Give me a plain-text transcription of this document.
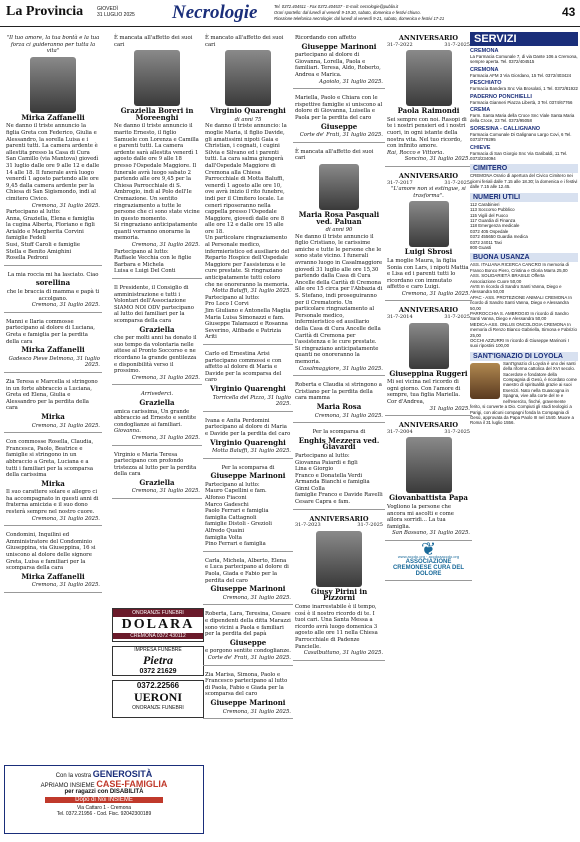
La Provincia	GIOVEDÌ
31 LUGLIO 2025 Necrologie	Tel. 0372.404511 - Fax 0372.404537 - E-mail: necrologie@publia.it
Orari sportello: dal lunedì al venerdì 9-19.30, sabato, domenica e festivi chiuso.
Ricezione telefonica necrologie: dal lunedì al venerdì 9-21, sabato, domenica e festivi 17-21	43
"Il tuo amore, la tua bontà e la tua forza ci guideranno per tutta la vita"
Mirka Zaffanelli
Ne danno il triste annuncio la figlia Greta con Federico, Giulia e Alessandro, la sorella Luisa e i parenti tutti. La camera ardente è allestita presso la Casa di Cura San Camillo (via Mantova) giovedì 31 luglio dalle ore 9 alle 12 e dalle 14 alle 18. Il funerale avrà luogo venerdì 1 agosto partendo alle ore 9,45 dalla camera ardente per la Chiesa di San Sigismondo, indi al cimitero Civico.
Cremona, 31 luglio 2025.
Partecipano al lutto:
Anna, Graziella, Elena e famiglia
la cugina Alberta, Floriano e figli
Arialdo e Margherita Corvini
famiglie Fedeli
Susi, Stuff Caroli e famiglie
Stella e Benito Amighini
Rosella Pedroni
La mia roccia mi ha lasciato. Ciao
sorellina
che le braccia di mamma e papà ti accolgano.
Cremona, 31 luglio 2025.
Manni e Ilaria commosse partecipano al dolore di Luciana, Greta e famiglia per la perdita della cara
Mirka Zaffanelli
Gadesco Pieve Delmona, 31 luglio 2025.
Zia Teresa e Marcella si stringono in un forte abbraccio a Luciana, Greta ed Elena, Giulia e Alessandro per la perdita della cara
Mirka
Cremona, 31 luglio 2025.
Con commosse Rosella, Claudia, Francesca, Paolo, Beatrice e famiglie si stringono in un abbraccio a Greta, Luciana e a tutti i familiari per la scomparsa della carissima
Mirka
Il suo carattere solare e allegro ci ha accompagnato in questi anni di fraterna amicizia e il suo dono resterà sempre nel nostro cuore.
Cremona, 31 luglio 2025.
Condomini, Inquilini ed Amministratore del Condominio Giuseppina, via Giuseppina, 16 si uniscono al dolore delle signore Greta, Luisa e familiari per la scomparsa della cara
Mirka Zaffanelli
Cremona, 31 luglio 2025.
È mancata all'affetto dei suoi cari
Graziella Boreri in Moreenghi
Ne danno il triste annuncio il marito Ernesto, il figlio Samuele con Lorenza e Camilla e parenti tutti. La camera ardente sarà allestita venerdì 1 agosto dalle ore 9 alle 18 presso l'Ospedale Maggiore. Il funerale avrà luogo sabato 2 partendo alle ore 9,45 per la Chiesa Parrocchiale di S. Ambrogio, indi al Polo dell'Ie Cremazione. Un sentito ringraziamento a tutte le persone che ci sono state vicine in questo momento.
Si ringraziano anticipatamente quanti vorranno onorarne la memoria.
Cremona, 31 luglio 2025.
Partecipano al lutto:
Raffaele Vecchia con le figlie Barbara e Michela
Luisa e Luigi Del Conti
Il Presidente, il Consiglio di amministrazione e tutti i Volontari dell'Associazione SIAMO NOI ODV partecipano al lutto dei familiari per la scomparsa della cara
Graziella
che per molti anni ha donato il suo tempo da volontaria nelle attese al Pronto Soccorso e ne ricordano la grande gentilezza e disponibilità verso il prossimo.
Cremona, 31 luglio 2025.
Arrivederci.
Graziella
amica carissima, Un grande abbraccio ad Ernesto e sentite condoglianze ai familiari.
Giovanna.
Cremona, 31 luglio 2025.
Virginio e Maria Teresa partecipano con profondo tristezza al lutto per la perdita della cara
Graziella
Cremona, 31 luglio 2025.
ONORANZE FUNEBRI
DOLARA
CREMONA 0372 430112
IMPRESA FUNEBRE
Pietra
0372 21629
0372.22566
UERONI
ONORANZE FUNEBRI
Con la vostra GENEROSITÀ
APRIAMO INSIEME CASE-FAMIGLIA
per ragazzi con DISABILITÀ
Dopo di Noi INSIEME
Via Cattaro 1 - Cremona
Tel. 0372.21956 - Cod. Fisc. 92042300189
È mancato all'affetto dei suoi cari
Virginio Quarenghi
di anni 75
Ne danno il triste annuncio: la moglie Maria, il figlio Davide, gli amatissimi nipoti Gaia e Christian, i cognati, i cugini Silvia e Silvano ed i parenti tutti. La cara salma giungerà dall'Ospedale Maggiore di Cremona alla Chiesa Parrocchiale di Motta Baluffi, venerdì 1 agosto alle ore 10, ove avrà inizio il rito funebre, indi per il Cimitero locale. Le ceneri riposeranno nella cappella presso l'Ospedale Maggiore, giovedì dalle ore 8 alle ore 12 e dalle ore 15 alle ore 18.
Un particolare ringraziamento al Personale medico, infermieristico ed ausiliario del Reparto Hospice dell'Ospedale Maggiore per l'assistenza e le cure prestate. Si ringraziano anticipatamente tutti coloro che ne onoreranno la memoria.
Motta Baluffi, 31 luglio 2025.
Partecipano al lutto:
Pro Loco I Corvi
Jim Giuliano e Antonella Maglia
Maria Luisa Simonazzi e fam.
Giuseppe Talamazzi e Rosanna
Severino, Alfibade e Patrizia Ariti
Carlo ed Ernestina Arisi partecipano commossi e con affetto al dolore di Maria e Davide per la scomparsa del caro
Virginio Quarenghi
Torricella del Pizzo, 31 luglio 2025.
Ivana e Anita Perdomini partecipano al dolore di Maria e Davide per la perdita del caro
Virginio Quarenghi
Motta Baluffi, 31 luglio 2025.
Per la scomparsa di
Giuseppe Marinoni
Partecipano al lutto:
Mauro Capellini e fam.
Alfonso Fiaconi
Marco Gadeschi
Paolo Ferrari e famiglia
famiglia Cattagnoli
famiglie Distoli - Grezioli
Alfredo Quaini
famiglia Volta
Pino Ferrari e famiglia
Carla, Michela, Alberto, Elena e Luca partecipano al dolore di Paola, Giada e Fabio per la perdita del caro
Giuseppe Marinoni
Cremona, 31 luglio 2025.
Roberta, Lara, Teresina, Cesare e dipendenti della ditta Marazzi sono vicini a Paola e familiari per la perdita del papà
Giuseppe
e porgono sentite condoglianze.
Corte de' Frati, 31 luglio 2025.
Zia Marisa, Simona, Paolo e Francesco partecipano al lutto di Paola, Fabio e Giada per la scomparsa del caro
Giuseppe Marinoni
Cremona, 31 luglio 2025.
Ricordando con affetto
Giuseppe Marinoni
partecipano al dolore di Giovanna, Lorella, Paola e familiari. Teresa, Aldo, Roberto, Andrea e Marica.
Agoiolo, 31 luglio 2025.
Mariella, Paolo e Chiara con le rispettive famiglie si uniscono al dolore di Giovanna, Luisella e Paola per la perdita del caro
Giuseppe
Corte de' Frati, 31 luglio 2025.
È mancata all'affetto dei suoi cari
Maria Rosa Pasquali ved. Paluan
di anni 90
Ne danno il triste annuncio il figlio Cristiano, le carissime amiche e tutte le persone che le sono state vicino. I funerali avranno luogo in Casalmaggiore giovedì 31 luglio alle ore 15,30 partendo dalla Casa di Cura Ancelle della Carità di Cremona alle ore 15 circa per l'Abbazia di S. Stefano, indi proseguiranno per il Crematorio. Un particolare ringraziamento al Personale medico, infermieristico ed ausiliario della Casa di Cura Ancelle della Carità di Cremona per l'assistenza e le cure prestate.
Si ringraziano anticipatamente quanti ne onoreranno la memoria.
Casalmaggiore, 31 luglio 2025.
Roberta e Claudia si stringono a Cristiano per la perdita della cara mamma
Maria Rosa
Cremona, 31 luglio 2025.
Per la scomparsa di
Enghis Mezzera ved. Giavardi
Partecipano al lutto:
Giovanna Paiardi e figli
Lina e Giorgio
Franco e Donatella Verdi
Armanda Bianchi e famiglia
Ginni Colla
famiglie Franco e Davide Ravelli
Cesare Capra e fam.
ANNIVERSARIO
31-7-2023	31-7-2025
Giusy Pirini in Pizzorni
Come inarrestabile è il tempo, così è il nostro ricordo di te. I tuoi cari. Una Santa Messa a ricordo avrà luogo domenica 3 agosto alle ore 11 nella Chiesa Parrocchiale di Padenze Pancielle.
Casalbuttano, 31 luglio 2025.
ANNIVERSARIO
31-7-2022	31-7-2025
Paola Raimondi
Sei sempre con noi. Rasopi di te i nostri pensieri ed i nostri cuori, in ogni istante della nostra vita. Nel tuo ricordo, con infinito amore.
Rai, Rocco e Vittoria.
Soncino, 31 luglio 2025.
ANNIVERSARIO
31-7-2017	31-7-2025
"L'amore non si estingue, si trasforma".
Luigi Sbrosi
La moglie Maura, la figlia Sonia con Lars, i nipoti Mattia e Lisa ed i parenti tutti lo ricordano con immutato affetto e caro Luigi.
Cremona, 31 luglio 2025.
ANNIVERSARIO
31-7-2014	31-7-2025
Giuseppina Ruggeri
Mi sei vicina nel ricordo di ogni giorno. Con l'amore di sempre, tua figlia Mariella. Cor d'Andrea,
31 luglio 2025.
ANNIVERSARIO
31-7-2004	31-7-2025
Giovanbattista Papa
Vogliono la persone che ancora mi ascolti e come allora sorridi... La tua famiglia.
San Bassano, 31 luglio 2025.
❦
www.accdo.org · accdoaaccdo.org
ASSOCIAZIONE CREMONESE CURA DEL DOLORE
SERVIZI
CREMONA
La Farmacia Comunale 7, di via Dante 106 a Cremona, sempre aperta. Tel. 0372/404515
CREMONA
Farmacia AFM 3 Via Giordano, 15 Tel. 0372/403424
PESCHIATO
Farmacia Bandera Snc Via Brosolati, 1 Tel. 0372/81922
PADERNO PONCHIELLI
Farmacia Gianneri Piazza Libertà, 3 Tel. 0374/67766
CREMA
Farm. Santa Maria della Croce Snc Viale Santa Maria della Croce, 23 Tel. 0373/95058
SORESINA - CALLIGNANO
Farmacia Comunale Di Galignano Largo Covi, 6 Tel. 0373/779295
CHIEVE
Farmacia di San Giorgio Snc Via Garibaldi, 11 Tel. 0373/234094
CIMITERO
CREMONA Orario di apertura del Civico Cimitero nei giorni feriali dalle 7.15 alle 18.30; la domenica e i festivi dalle 7.15 alle 12.45.
NUMERI UTILI
112 Carabinieri
113 Soccorso Pubblico
115 Vigili del Fuoco
117 Guardia di Finanza
118 Emergenza medicale
0372 405 Ospedale
0372 455650 Guardia medica
0372 24011 Taxi
800 Guasti
BUONA USANZA
ASS. ITALIANA RICERCA CANCRO In memoria di Franco Bonco Piero, Cristina e Gloria Marra 25,00
ASS. SOLIDARIETÀ BRASILE Offerta
Associazione Cuore 50,00
AVIS In ricordo di Sandro Santi Vanna, Diego e Alessandra 50,00
APAC - ASS. PROTEZIONE ANIMALI CREMONA In ricordo di Sandro Santi Vanna, Diego e Alessandra 50,00
PARROCCHIA S. AMBROGIO In ricordo di Sandro Santi Vanna, Diego e Alessandra 50,00
MEDICA-ASS. ONLUS ONCOLOGIA CREMONA In memoria di Renzo Bianco Gabriella, Simona e Fabrizio 25,00
OCCHI AZZURRI In ricordo di Giuseppe Marinoni I suoi ripostini 100,00
SANT'IGNAZIO DI LOYOLA
Sant'Ignazio di Loyola è uno dei santi della riforma cattolica del XVI secolo. Sacerdote e fondatore della Compagnia di Gesù, è ricordato come maestro di spiritualità grazie ai suoi Esercizi. Nato nella Guascogna in Spagna, vive alla corte del re e nell'esercito, finché, gravemente ferito, si converte a Dio. Compiuti gli studi teologici a Parigi, con alcuni compagni fonda la Compagnia di Gesù, approvata da Papa Paolo III nel 1540. Muore a Roma il 31 luglio 1556.
